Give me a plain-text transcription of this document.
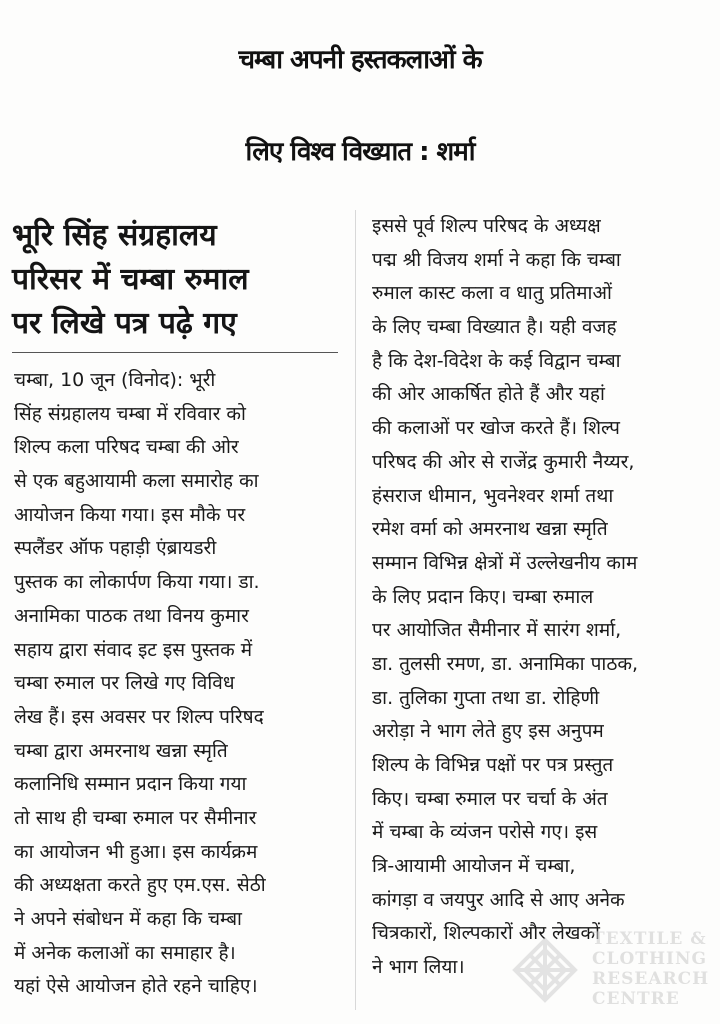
चम्बा अपनी हस्तकलाओं के
लिए विश्व विख्यात : शर्मा
भूरि सिंह संग्रहालय
परिसर में चम्बा रुमाल
पर लिखे पत्र पढ़े गए
चम्बा, 10 जून (विनोद): भूरी
सिंह संग्रहालय चम्बा में रविवार को
शिल्प कला परिषद चम्बा की ओर
से एक बहुआयामी कला समारोह का
आयोजन किया गया। इस मौके पर
स्पलैंडर ऑफ पहाड़ी एंब्रायडरी
पुस्तक का लोकार्पण किया गया। डा.
अनामिका पाठक तथा विनय कुमार
सहाय द्वारा संवाद इट इस पुस्तक में
चम्बा रुमाल पर लिखे गए विविध
लेख हैं। इस अवसर पर शिल्प परिषद
चम्बा द्वारा अमरनाथ खन्ना स्मृति
कलानिधि सम्मान प्रदान किया गया
तो साथ ही चम्बा रुमाल पर सैमीनार
का आयोजन भी हुआ। इस कार्यक्रम
की अध्यक्षता करते हुए एम.एस. सेठी
ने अपने संबोधन में कहा कि चम्बा
में अनेक कलाओं का समाहार है।
यहां ऐसे आयोजन होते रहने चाहिए।
इससे पूर्व शिल्प परिषद के अध्यक्ष
पद्म श्री विजय शर्मा ने कहा कि चम्बा
रुमाल कास्ट कला व धातु प्रतिमाओं
के लिए चम्बा विख्यात है। यही वजह
है कि देश-विदेश के कई विद्वान चम्बा
की ओर आकर्षित होते हैं और यहां
की कलाओं पर खोज करते हैं। शिल्प
परिषद की ओर से राजेंद्र कुमारी नैय्यर,
हंसराज धीमान, भुवनेश्वर शर्मा तथा
रमेश वर्मा को अमरनाथ खन्ना स्मृति
सम्मान विभिन्न क्षेत्रों में उल्लेखनीय काम
के लिए प्रदान किए। चम्बा रुमाल
पर आयोजित सैमीनार में सारंग शर्मा,
डा. तुलसी रमण, डा. अनामिका पाठक,
डा. तुलिका गुप्ता तथा डा. रोहिणी
अरोड़ा ने भाग लेते हुए इस अनुपम
शिल्प के विभिन्न पक्षों पर पत्र प्रस्तुत
किए। चम्बा रुमाल पर चर्चा के अंत
में चम्बा के व्यंजन परोसे गए। इस
त्रि-आयामी आयोजन में चम्बा,
कांगड़ा व जयपुर आदि से आए अनेक
चित्रकारों, शिल्पकारों और लेखकों
ने भाग लिया।
TEXTILE &
CLOTHING
RESEARCH
CENTRE
